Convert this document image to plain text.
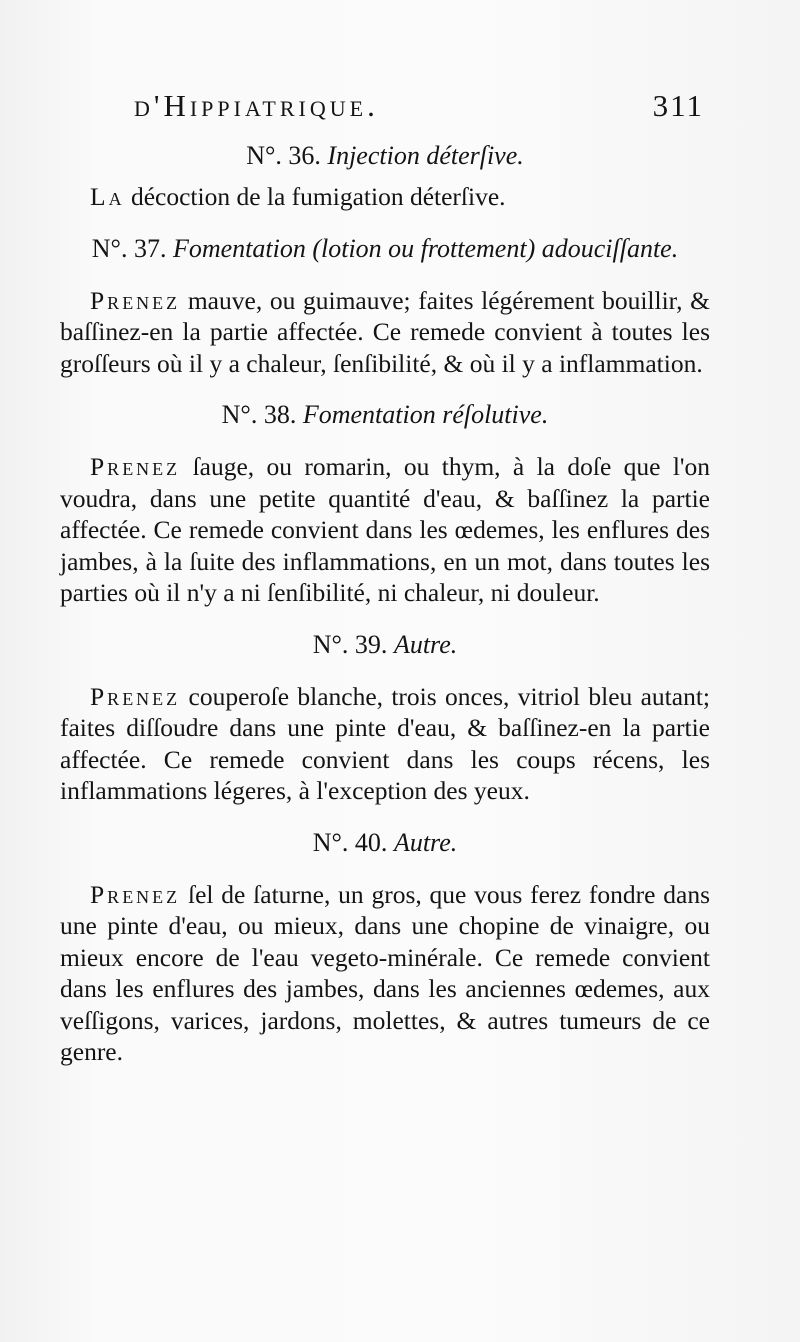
d'Hippiatrique.	311

N°. 36. Injection déterſive.

La décoction de la fumigation déterſive.

N°. 37. Fomentation (lotion ou frottement) adouciſſante.

Prenez mauve, ou guimauve; faites légérement bouillir, & baſſinez-en la partie affectée. Ce remede convient à toutes les groſſeurs où il y a chaleur, ſenſibilité, & où il y a inflammation.

N°. 38. Fomentation réſolutive.

Prenez ſauge, ou romarin, ou thym, à la doſe que l'on voudra, dans une petite quantité d'eau, & baſſinez la partie affectée. Ce remede convient dans les œdemes, les enflures des jambes, à la ſuite des inflammations, en un mot, dans toutes les parties où il n'y a ni ſenſibilité, ni chaleur, ni douleur.

N°. 39. Autre.

Prenez couperoſe blanche, trois onces, vitriol bleu autant; faites diſſoudre dans une pinte d'eau, & baſſinez-en la partie affectée. Ce remede convient dans les coups récens, les inflammations légeres, à l'exception des yeux.

N°. 40. Autre.

Prenez ſel de ſaturne, un gros, que vous ferez fondre dans une pinte d'eau, ou mieux, dans une chopine de vinaigre, ou mieux encore de l'eau vegeto-minérale. Ce remede convient dans les enflures des jambes, dans les anciennes œdemes, aux veſſigons, varices, jardons, molettes, & autres tumeurs de ce genre.
